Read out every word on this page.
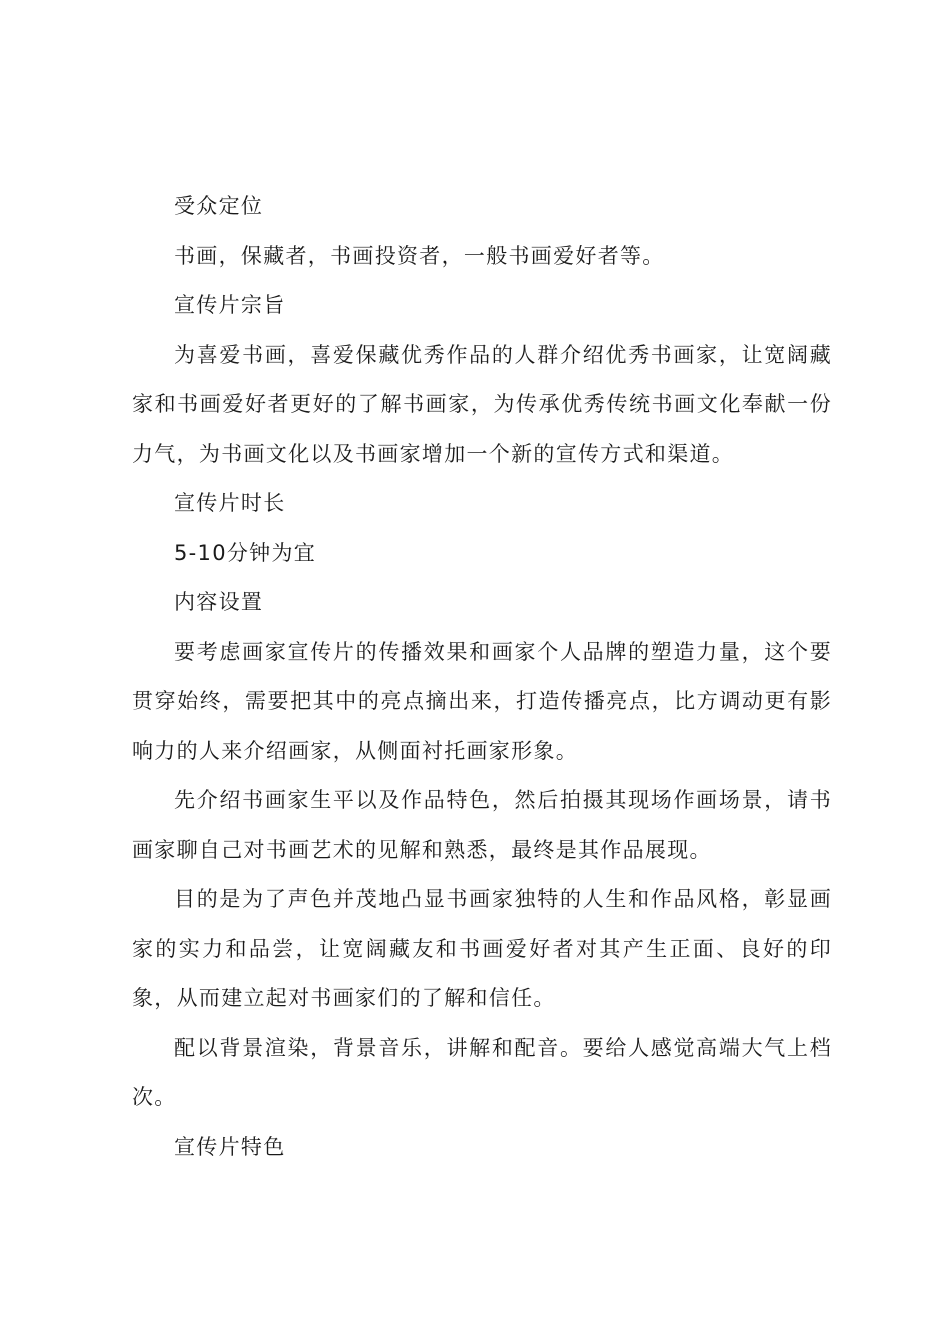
受众定位

书画，保藏者，书画投资者，一般书画爱好者等。

宣传片宗旨

为喜爱书画，喜爱保藏优秀作品的人群介绍优秀书画家，让宽阔藏家和书画爱好者更好的了解书画家，为传承优秀传统书画文化奉献一份力气，为书画文化以及书画家增加一个新的宣传方式和渠道。

宣传片时长

5-10分钟为宜

内容设置

要考虑画家宣传片的传播效果和画家个人品牌的塑造力量，这个要贯穿始终，需要把其中的亮点摘出来，打造传播亮点，比方调动更有影响力的人来介绍画家，从侧面衬托画家形象。

先介绍书画家生平以及作品特色，然后拍摄其现场作画场景，请书画家聊自己对书画艺术的见解和熟悉，最终是其作品展现。

目的是为了声色并茂地凸显书画家独特的人生和作品风格，彰显画家的实力和品尝，让宽阔藏友和书画爱好者对其产生正面、良好的印象，从而建立起对书画家们的了解和信任。

配以背景渲染，背景音乐，讲解和配音。要给人感觉高端大气上档次。

宣传片特色
